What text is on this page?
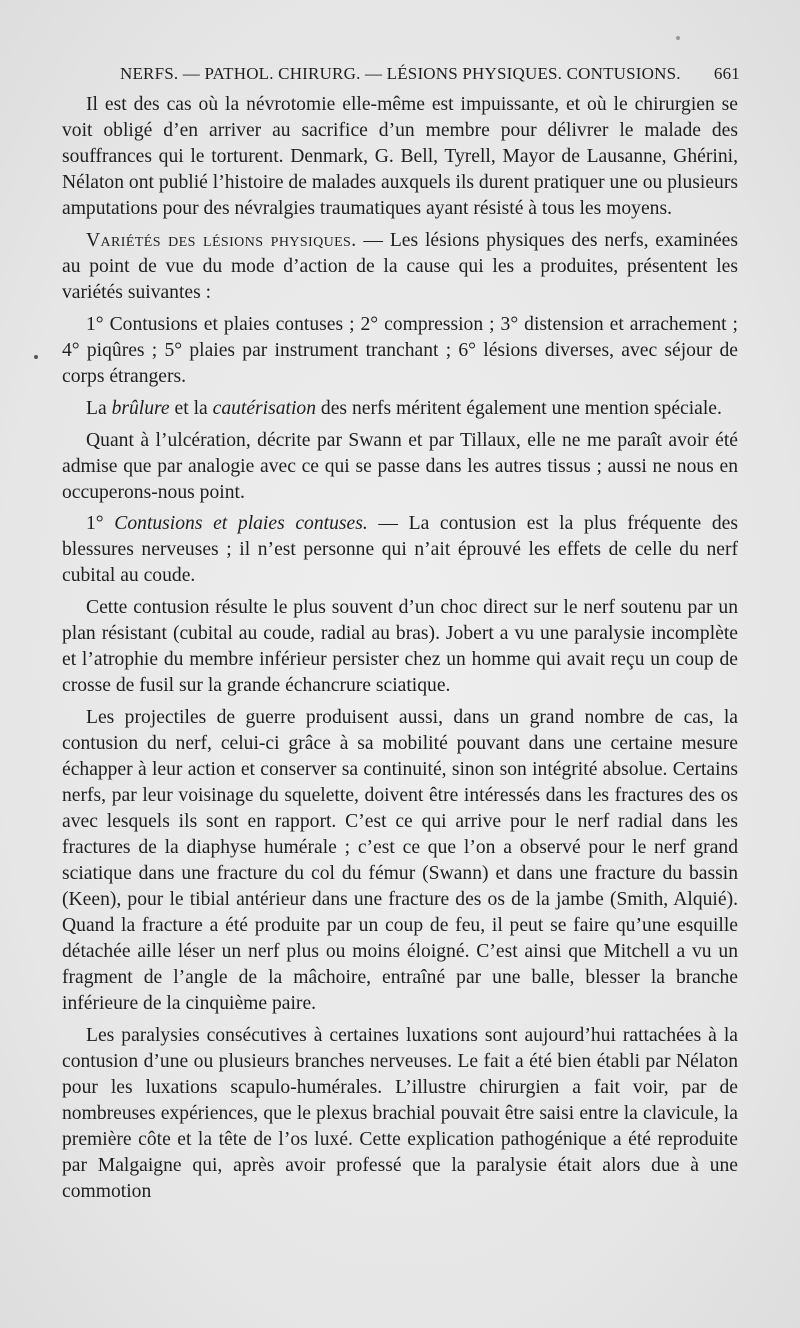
NERFS. — PATHOL. CHIRURG. — LÉSIONS PHYSIQUES. CONTUSIONS. 661

Il est des cas où la névrotomie elle-même est impuissante, et où le chirurgien se voit obligé d’en arriver au sacrifice d’un membre pour délivrer le malade des souffrances qui le torturent. Denmark, G. Bell, Tyrell, Mayor de Lausanne, Ghérini, Nélaton ont publié l’histoire de malades auxquels ils durent pratiquer une ou plusieurs amputations pour des névralgies traumatiques ayant résisté à tous les moyens.

Variétés des lésions physiques. — Les lésions physiques des nerfs, examinées au point de vue du mode d’action de la cause qui les a produites, présentent les variétés suivantes :

1° Contusions et plaies contuses ; 2° compression ; 3° distension et arrachement ; 4° piqûres ; 5° plaies par instrument tranchant ; 6° lésions diverses, avec séjour de corps étrangers.

La brûlure et la cautérisation des nerfs méritent également une mention spéciale.

Quant à l’ulcération, décrite par Swann et par Tillaux, elle ne me paraît avoir été admise que par analogie avec ce qui se passe dans les autres tissus ; aussi ne nous en occuperons-nous point.

1° Contusions et plaies contuses. — La contusion est la plus fréquente des blessures nerveuses ; il n’est personne qui n’ait éprouvé les effets de celle du nerf cubital au coude.

Cette contusion résulte le plus souvent d’un choc direct sur le nerf soutenu par un plan résistant (cubital au coude, radial au bras). Jobert a vu une paralysie incomplète et l’atrophie du membre inférieur persister chez un homme qui avait reçu un coup de crosse de fusil sur la grande échancrure sciatique.

Les projectiles de guerre produisent aussi, dans un grand nombre de cas, la contusion du nerf, celui-ci grâce à sa mobilité pouvant dans une certaine mesure échapper à leur action et conserver sa continuité, sinon son intégrité absolue. Certains nerfs, par leur voisinage du squelette, doivent être intéressés dans les fractures des os avec lesquels ils sont en rapport. C’est ce qui arrive pour le nerf radial dans les fractures de la diaphyse humérale ; c’est ce que l’on a observé pour le nerf grand sciatique dans une fracture du col du fémur (Swann) et dans une fracture du bassin (Keen), pour le tibial antérieur dans une fracture des os de la jambe (Smith, Alquié). Quand la fracture a été produite par un coup de feu, il peut se faire qu’une esquille détachée aille léser un nerf plus ou moins éloigné. C’est ainsi que Mitchell a vu un fragment de l’angle de la mâchoire, entraîné par une balle, blesser la branche inférieure de la cinquième paire.

Les paralysies consécutives à certaines luxations sont aujourd’hui rattachées à la contusion d’une ou plusieurs branches nerveuses. Le fait a été bien établi par Nélaton pour les luxations scapulo-humérales. L’illustre chirurgien a fait voir, par de nombreuses expériences, que le plexus brachial pouvait être saisi entre la clavicule, la première côte et la tête de l’os luxé. Cette explication pathogénique a été reproduite par Malgaigne qui, après avoir professé que la paralysie était alors due à une commotion
